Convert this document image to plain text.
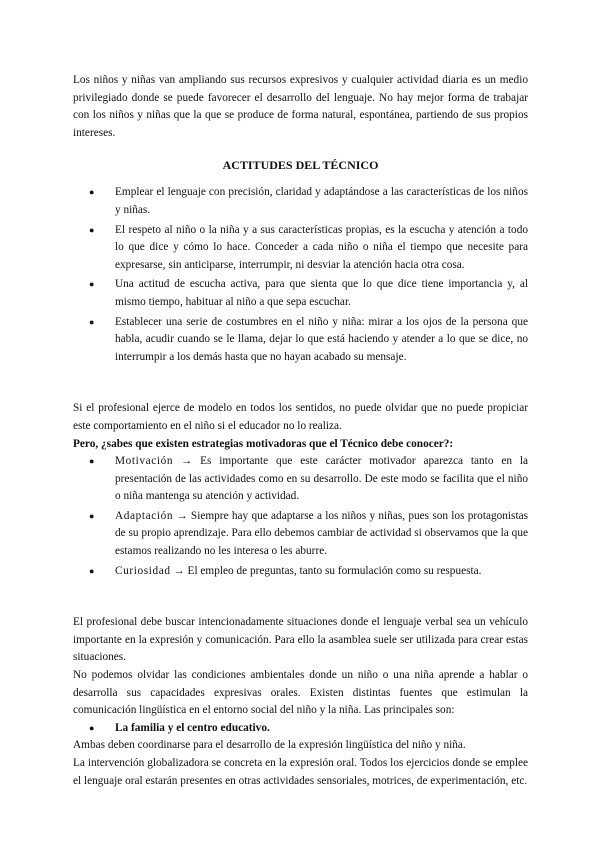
Los niños y niñas van ampliando sus recursos expresivos y cualquier actividad diaria es un medio privilegiado donde se puede favorecer el desarrollo del lenguaje. No hay mejor forma de trabajar con los niños y niñas que la que se produce de forma natural, espontánea, partiendo de sus propios intereses.

ACTITUDES DEL TÉCNICO
● Emplear el lenguaje con precisión, claridad y adaptándose a las características de los niños y niñas.
● El respeto al niño o la niña y a sus características propias, es la escucha y atención a todo lo que dice y cómo lo hace. Conceder a cada niño o niña el tiempo que necesite para expresarse, sin anticiparse, interrumpir, ni desviar la atención hacia otra cosa.
● Una actitud de escucha activa, para que sienta que lo que dice tiene importancia y, al mismo tiempo, habituar al niño a que sepa escuchar.
● Establecer una serie de costumbres en el niño y niña: mirar a los ojos de la persona que habla, acudir cuando se le llama, dejar lo que está haciendo y atender a lo que se dice, no interrumpir a los demás hasta que no hayan acabado su mensaje.

Si el profesional ejerce de modelo en todos los sentidos, no puede olvidar que no puede propiciar este comportamiento en el niño si el educador no lo realiza.

Pero, ¿sabes que existen estrategias motivadoras que el Técnico debe conocer?:

● Motivación → Es importante que este carácter motivador aparezca tanto en la presentación de las actividades como en su desarrollo. De este modo se facilita que el niño o niña mantenga su atención y actividad.
● Adaptación → Siempre hay que adaptarse a los niños y niñas, pues son los protagonistas de su propio aprendizaje. Para ello debemos cambiar de actividad si observamos que la que estamos realizando no les interesa o les aburre.
● Curiosidad → El empleo de preguntas, tanto su formulación como su respuesta.

El profesional debe buscar intencionadamente situaciones donde el lenguaje verbal sea un vehículo importante en la expresión y comunicación. Para ello la asamblea suele ser utilizada para crear estas situaciones.

No podemos olvidar las condiciones ambientales donde un niño o una niña aprende a hablar o desarrolla sus capacidades expresivas orales. Existen distintas fuentes que estimulan la comunicación lingüística en el entorno social del niño y la niña. Las principales son:

● La familia y el centro educativo.

Ambas deben coordinarse para el desarrollo de la expresión lingüística del niño y niña.

La intervención globalizadora se concreta en la expresión oral. Todos los ejercicios donde se emplee el lenguaje oral estarán presentes en otras actividades sensoriales, motrices, de experimentación, etc.
